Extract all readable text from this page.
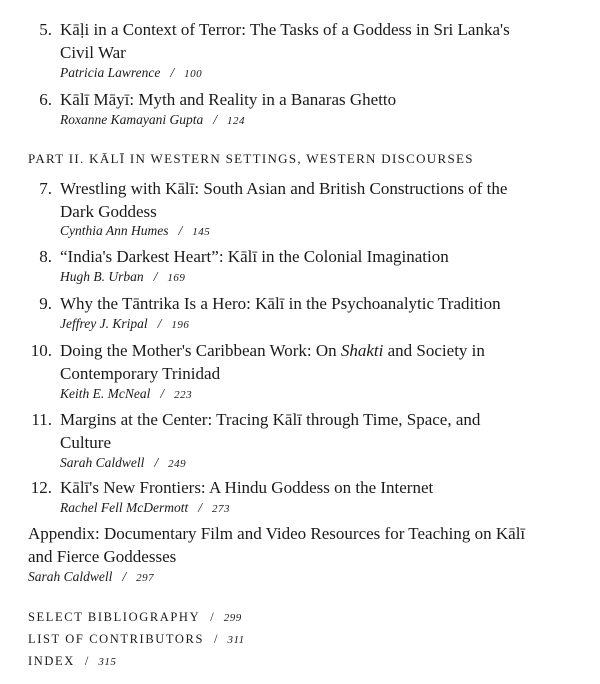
5. Kāḷi in a Context of Terror: The Tasks of a Goddess in Sri Lanka's
Civil War
Patricia Lawrence / 100
6. Kālī Māyī: Myth and Reality in a Banaras Ghetto
Roxanne Kamayani Gupta / 124
PART II. KĀLĪ IN WESTERN SETTINGS, WESTERN DISCOURSES
7. Wrestling with Kālī: South Asian and British Constructions of the
Dark Goddess
Cynthia Ann Humes / 145
8. “India's Darkest Heart”: Kālī in the Colonial Imagination
Hugh B. Urban / 169
9. Why the Tāntrika Is a Hero: Kālī in the Psychoanalytic Tradition
Jeffrey J. Kripal / 196
10. Doing the Mother's Caribbean Work: On Shakti and Society in
Contemporary Trinidad
Keith E. McNeal / 223
11. Margins at the Center: Tracing Kālī through Time, Space, and
Culture
Sarah Caldwell / 249
12. Kālī's New Frontiers: A Hindu Goddess on the Internet
Rachel Fell McDermott / 273
Appendix: Documentary Film and Video Resources for Teaching on Kālī
and Fierce Goddesses
Sarah Caldwell / 297
SELECT BIBLIOGRAPHY / 299
LIST OF CONTRIBUTORS / 311
INDEX / 315
